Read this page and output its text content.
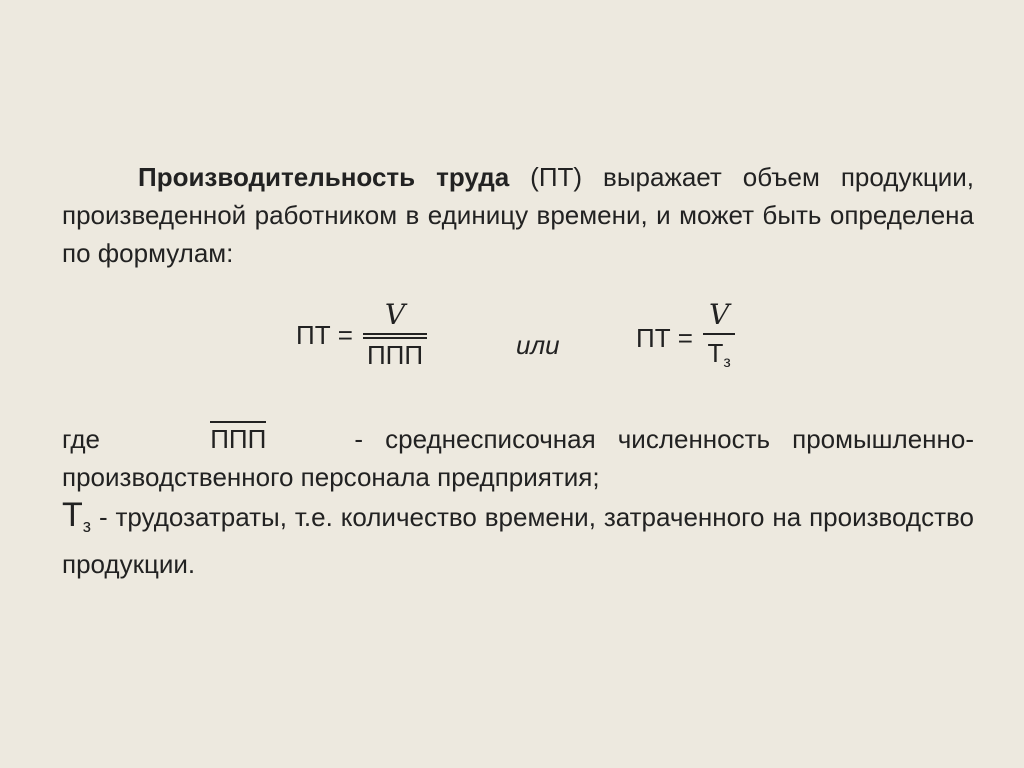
Производительность труда (ПТ) выражает объем продукции, произведенной работником в единицу времени, и может быть определена по формулам:

ПТ = $\frac{V}{\text{ППП}}$	или	ПТ = $\frac{V}{Т_з}$

где	ППП	- среднесписочная численность промышленно-производственного персонала предприятия;
$Т_з$ - трудозатраты, т.е. количество времени, затраченного на производство продукции.
